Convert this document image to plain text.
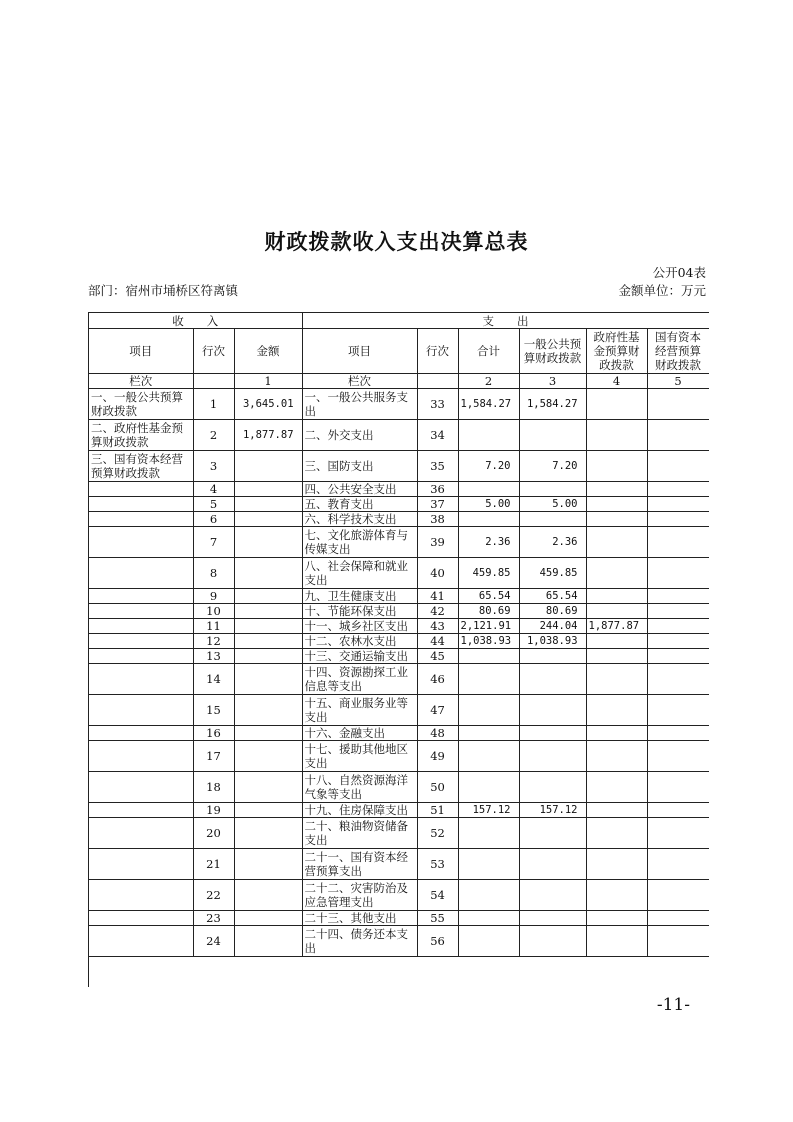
财政拨款收入支出决算总表
公开04表
部门：宿州市埇桥区符离镇	金额单位：万元
收　　入			支　　出					
项目	行次	金额	项目	行次	合计	一般公共预算财政拨款	政府性基金预算财政拨款	国有资本经营预算财政拨款
栏次		1	栏次		2	3	4	5
一、一般公共预算财政拨款	1	3,645.01	一、一般公共服务支出	33	1,584.27	1,584.27		
二、政府性基金预算财政拨款	2	1,877.87	二、外交支出	34				
三、国有资本经营预算财政拨款	3		三、国防支出	35	7.20	7.20		
	4		四、公共安全支出	36				
	5		五、教育支出	37	5.00	5.00		
	6		六、科学技术支出	38				
	7		七、文化旅游体育与传媒支出	39	2.36	2.36		
	8		八、社会保障和就业支出	40	459.85	459.85		
	9		九、卫生健康支出	41	65.54	65.54		
	10		十、节能环保支出	42	80.69	80.69		
	11		十一、城乡社区支出	43	2,121.91	244.04	1,877.87	
	12		十二、农林水支出	44	1,038.93	1,038.93		
	13		十三、交通运输支出	45				
	14		十四、资源勘探工业信息等支出	46				
	15		十五、商业服务业等支出	47				
	16		十六、金融支出	48				
	17		十七、援助其他地区支出	49				
	18		十八、自然资源海洋气象等支出	50				
	19		十九、住房保障支出	51	157.12	157.12		
	20		二十、粮油物资储备支出	52				
	21		二十一、国有资本经营预算支出	53				
	22		二十二、灾害防治及应急管理支出	54				
	23		二十三、其他支出	55				
	24		二十四、债务还本支出	56				
-11-
